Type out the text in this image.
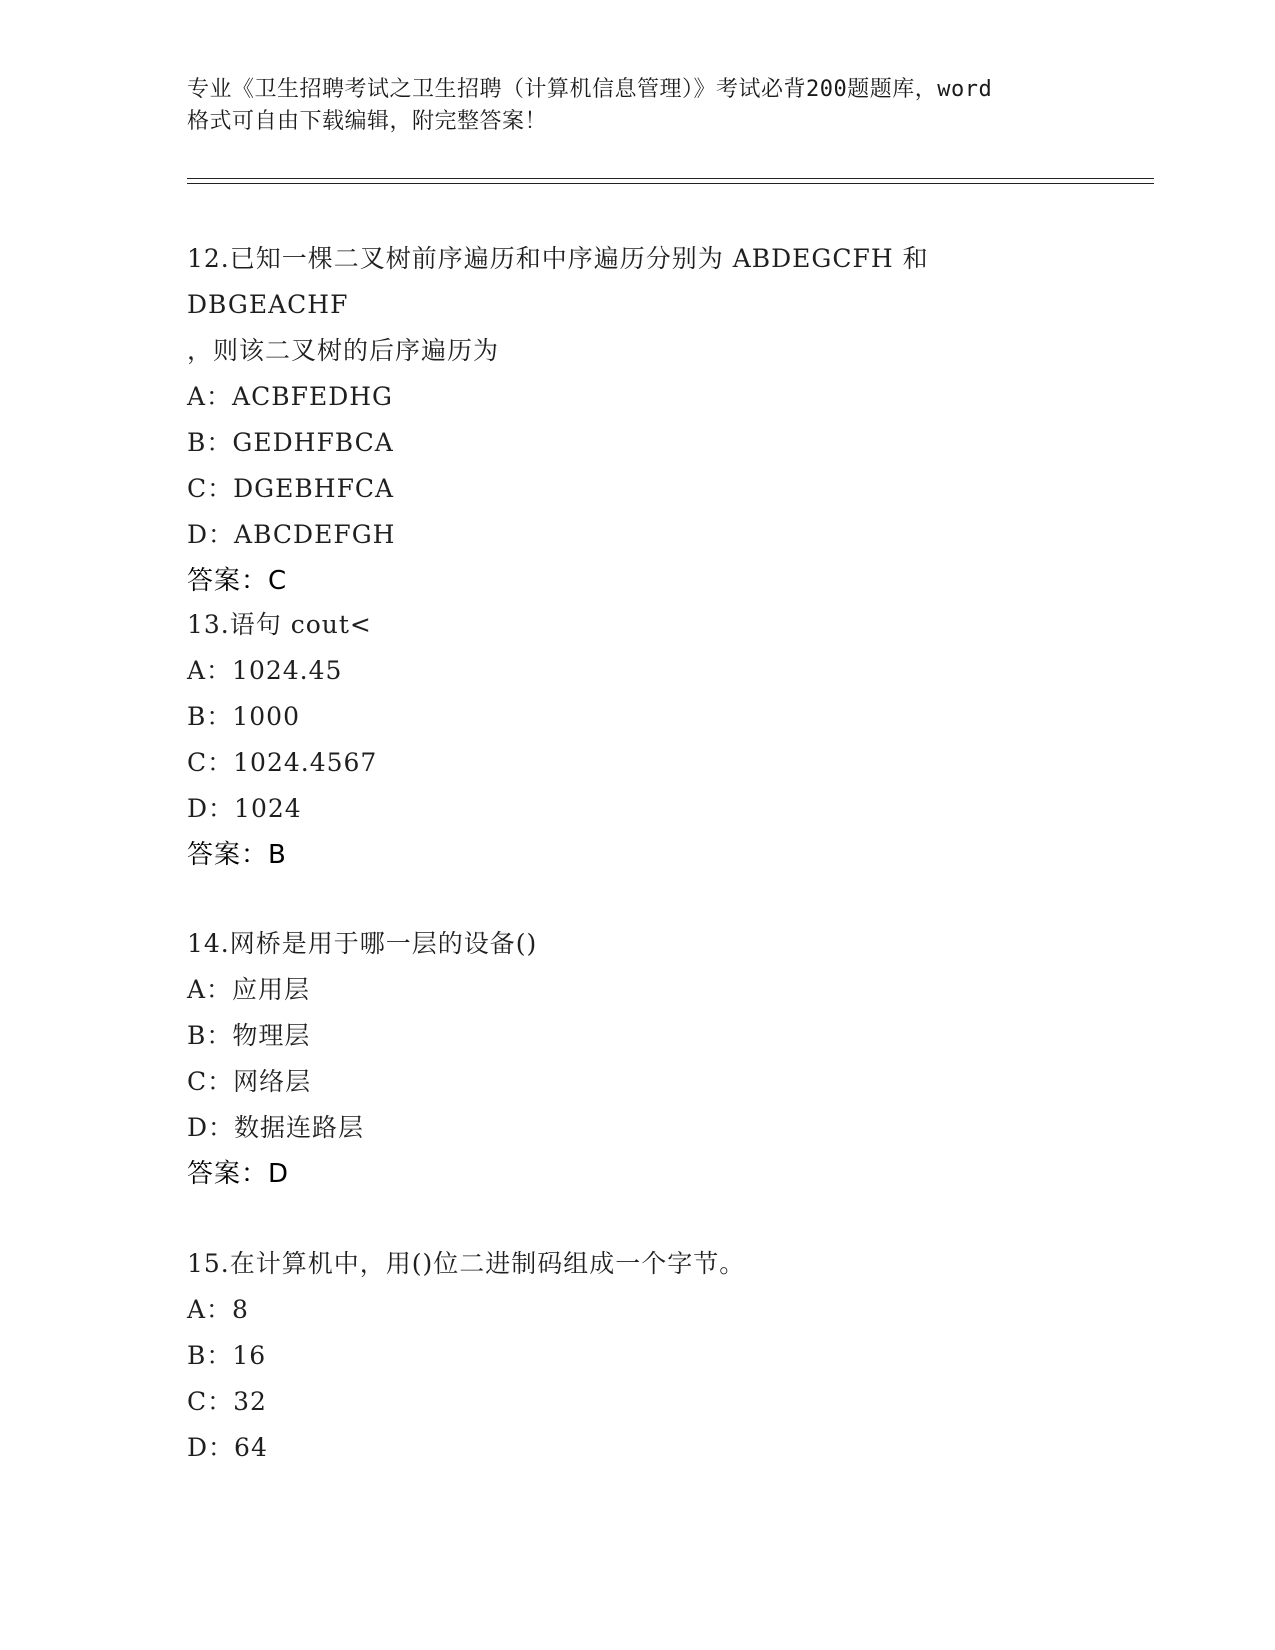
专业《卫生招聘考试之卫生招聘（计算机信息管理）》考试必背200题题库，word
格式可自由下载编辑，附完整答案！
12.已知一棵二叉树前序遍历和中序遍历分别为 ABDEGCFH 和 DBGEACHF
，则该二叉树的后序遍历为
A：ACBFEDHG
B：GEDHFBCA
C：DGEBHFCA
D：ABCDEFGH
答案：C
13.语句 cout<
A：1024.45
B：1000
C：1024.4567
D：1024
答案：B
14.网桥是用于哪一层的设备()
A：应用层
B：物理层
C：网络层
D：数据连路层
答案：D
15.在计算机中，用()位二进制码组成一个字节。
A：8
B：16
C：32
D：64
